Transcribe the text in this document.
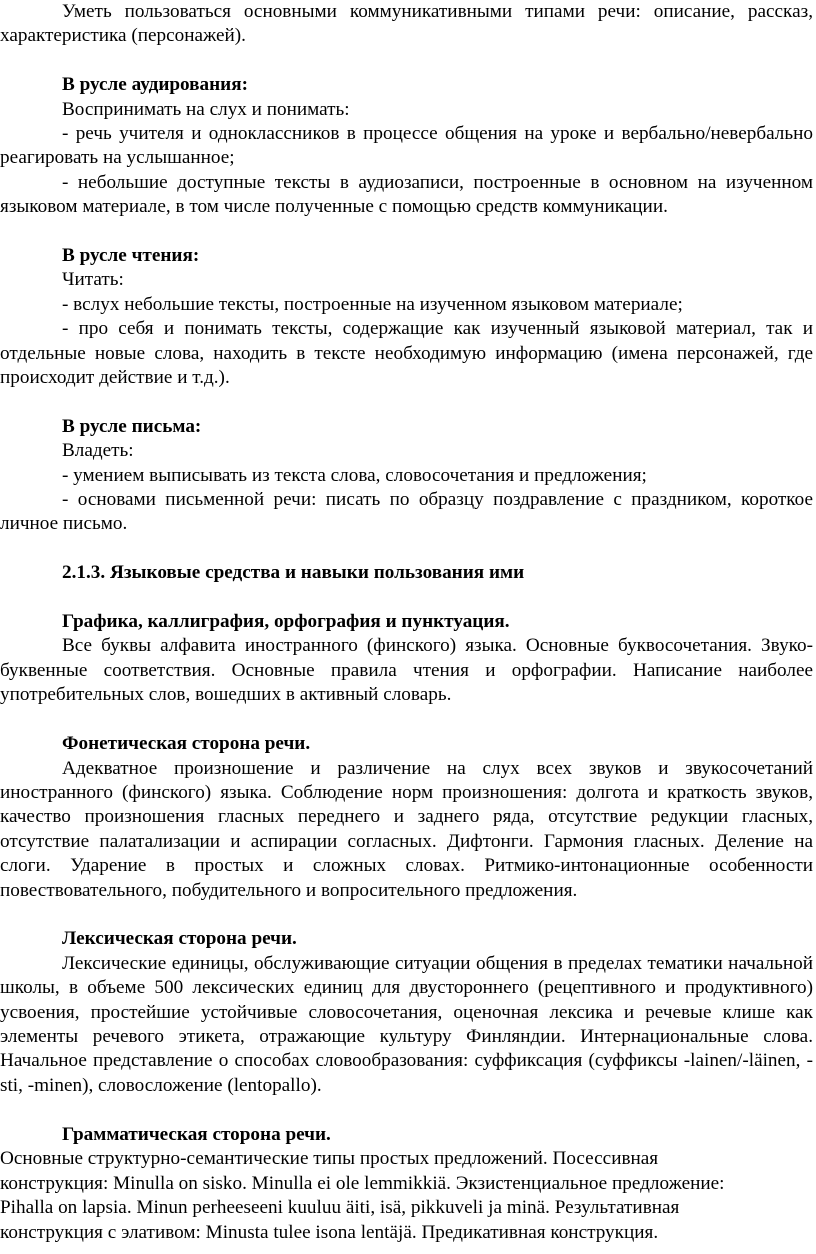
Уметь пользоваться основными коммуникативными типами речи: описание, рассказ, характеристика (персонажей).

В русле аудирования:

Воспринимать на слух и понимать:

- речь учителя и одноклассников в процессе общения на уроке и вербально/невербально реагировать на услышанное;

- небольшие доступные тексты в аудиозаписи, построенные в основном на изученном языковом материале, в том числе полученные с помощью средств коммуникации.

В русле чтения:

Читать:

- вслух небольшие тексты, построенные на изученном языковом материале;

- про себя и понимать тексты, содержащие как изученный языковой материал, так и отдельные новые слова, находить в тексте необходимую информацию (имена персонажей, где происходит действие и т.д.).

В русле письма:

Владеть:

- умением выписывать из текста слова, словосочетания и предложения;

- основами письменной речи: писать по образцу поздравление с праздником, короткое личное письмо.

2.1.3. Языковые средства и навыки пользования ими

Графика, каллиграфия, орфография и пунктуация.

Все буквы алфавита иностранного (финского) языка. Основные буквосочетания. Звуко-буквенные соответствия. Основные правила чтения и орфографии. Написание наиболее употребительных слов, вошедших в активный словарь.

Фонетическая сторона речи.

Адекватное произношение и различение на слух всех звуков и звукосочетаний иностранного (финского) языка. Соблюдение норм произношения: долгота и краткость звуков, качество произношения гласных переднего и заднего ряда, отсутствие редукции гласных, отсутствие палатализации и аспирации согласных. Дифтонги. Гармония гласных. Деление на слоги. Ударение в простых и сложных словах. Ритмико-интонационные особенности повествовательного, побудительного и вопросительного предложения.

Лексическая сторона речи.

Лексические единицы, обслуживающие ситуации общения в пределах тематики начальной школы, в объеме 500 лексических единиц для двустороннего (рецептивного и продуктивного) усвоения, простейшие устойчивые словосочетания, оценочная лексика и речевые клише как элементы речевого этикета, отражающие культуру Финляндии. Интернациональные слова. Начальное представление о способах словообразования: суффиксация (суффиксы -lainen/-läinen, -sti, -minen), словосложение (lentopallo).

Грамматическая сторона речи.

Основные структурно-семантические типы простых предложений. Посессивная

конструкция: Minulla on sisko. Minulla ei ole lemmikkiä. Экзистенциальное предложение:

Pihalla on lapsia. Minun perheeseeni kuuluu äiti, isä, pikkuveli ja minä. Результативная

конструкция с элативом: Minusta tulee isona lentäjä. Предикативная конструкция.
